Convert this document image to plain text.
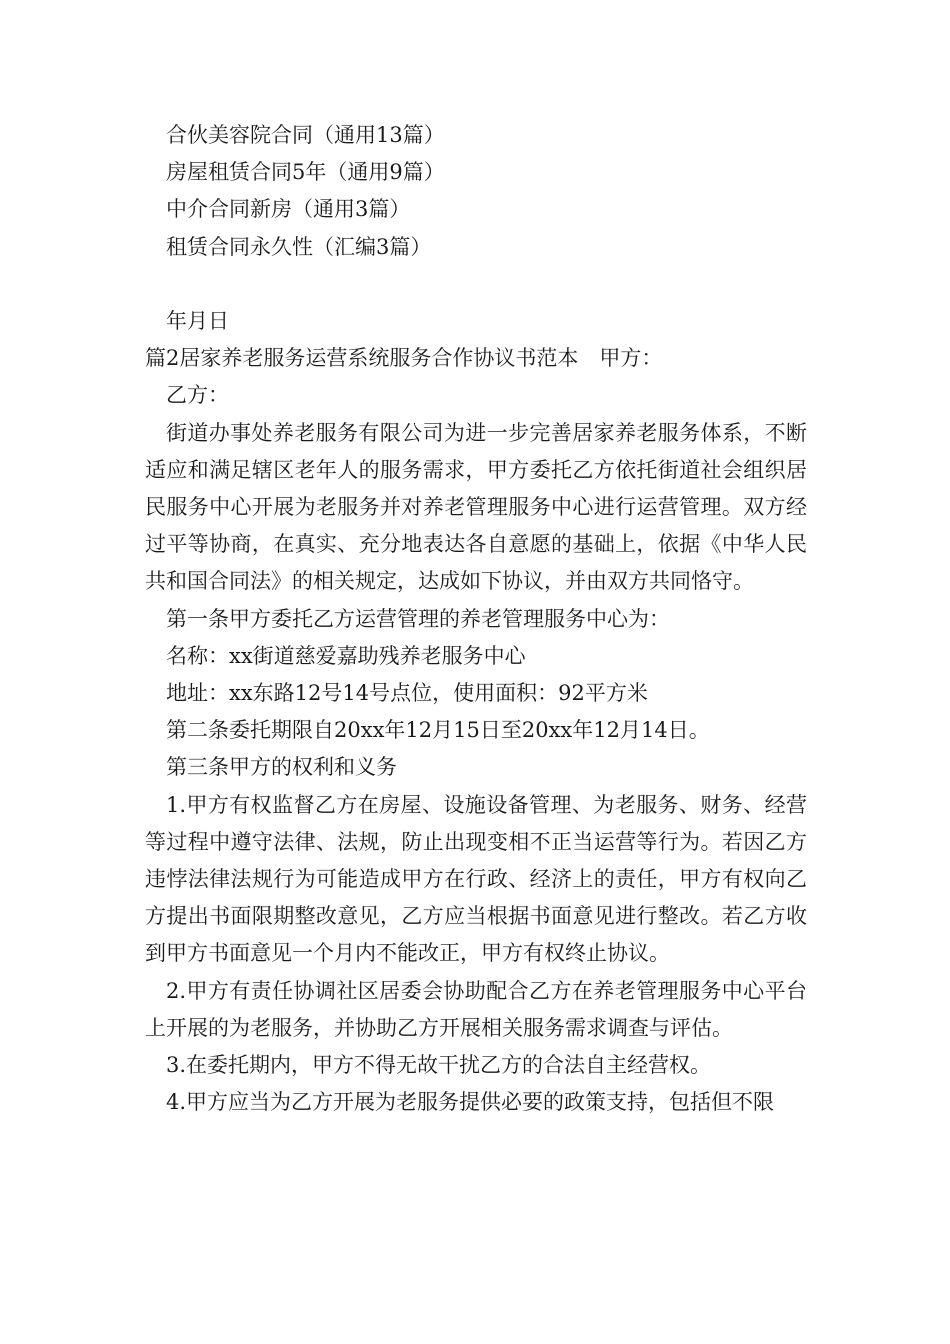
合伙美容院合同（通用13篇）

房屋租赁合同5年（通用9篇）

中介合同新房（通用3篇）

租赁合同永久性（汇编3篇）

年月日

篇2居家养老服务运营系统服务合作协议书范本　甲方：

乙方：

街道办事处养老服务有限公司为进一步完善居家养老服务体系，不断适应和满足辖区老年人的服务需求，甲方委托乙方依托街道社会组织居民服务中心开展为老服务并对养老管理服务中心进行运营管理。双方经过平等协商，在真实、充分地表达各自意愿的基础上，依据《中华人民共和国合同法》的相关规定，达成如下协议，并由双方共同恪守。

第一条甲方委托乙方运营管理的养老管理服务中心为：

名称：xx街道慈爱嘉助残养老服务中心

地址：xx东路12号14号点位，使用面积：92平方米

第二条委托期限自20xx年12月15日至20xx年12月14日。

第三条甲方的权利和义务

1.甲方有权监督乙方在房屋、设施设备管理、为老服务、财务、经营等过程中遵守法律、法规，防止出现变相不正当运营等行为。若因乙方违悖法律法规行为可能造成甲方在行政、经济上的责任，甲方有权向乙方提出书面限期整改意见，乙方应当根据书面意见进行整改。若乙方收到甲方书面意见一个月内不能改正，甲方有权终止协议。

2.甲方有责任协调社区居委会协助配合乙方在养老管理服务中心平台上开展的为老服务，并协助乙方开展相关服务需求调查与评估。

3.在委托期内，甲方不得无故干扰乙方的合法自主经营权。

4.甲方应当为乙方开展为老服务提供必要的政策支持，包括但不限
